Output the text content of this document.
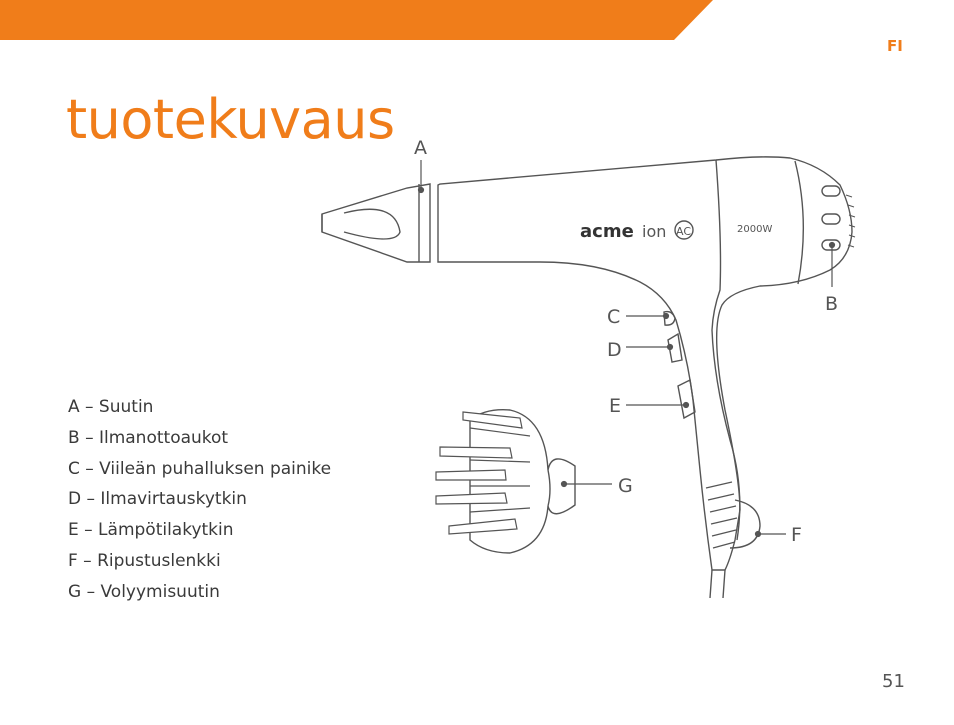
FI
tuotekuvaus
acme ion AC	2000W
A
B
C
D
E
F
G
A – Suutin
B – Ilmanottoaukot
C – Viileän puhalluksen painike
D – Ilmavirtauskytkin
E – Lämpötilakytkin
F – Ripustuslenkki
G – Volyymisuutin
51
